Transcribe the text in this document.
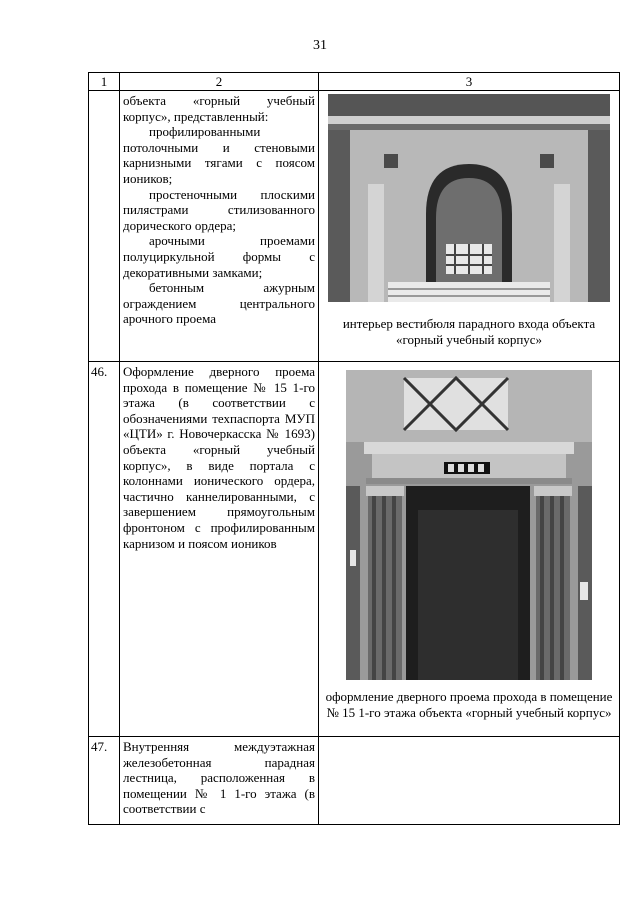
31
1	2	3

	объекта «горный учебный корпус», представленный:

профилированными потолочными и стеновыми карнизными тягами с поясом иоников;

простеночными плоскими пилястрами стилизованного дорического ордера;

арочными проемами полуциркульной формы с декоративными замками;

бетонным ажурным ограждением центрального арочного проема	интерьер вестибюля парадного входа объекта «горный учебный корпус»

46.	Оформление дверного проема прохода в помещение № 15 1-го этажа (в соответствии с обозначениями техпаспорта МУП «ЦТИ» г. Новочеркасска № 1693) объекта «горный учебный корпус», в виде портала с колоннами ионического ордера, частично каннелированными, с завершением прямоугольным фронтоном с профилированным карнизом и поясом иоников	оформление дверного проема прохода в помещение № 15 1-го этажа объекта «горный учебный корпус»

47.	Внутренняя междуэтажная железобетонная парадная лестница, расположенная в помещении № 1 1-го этажа (в соответствии с	
